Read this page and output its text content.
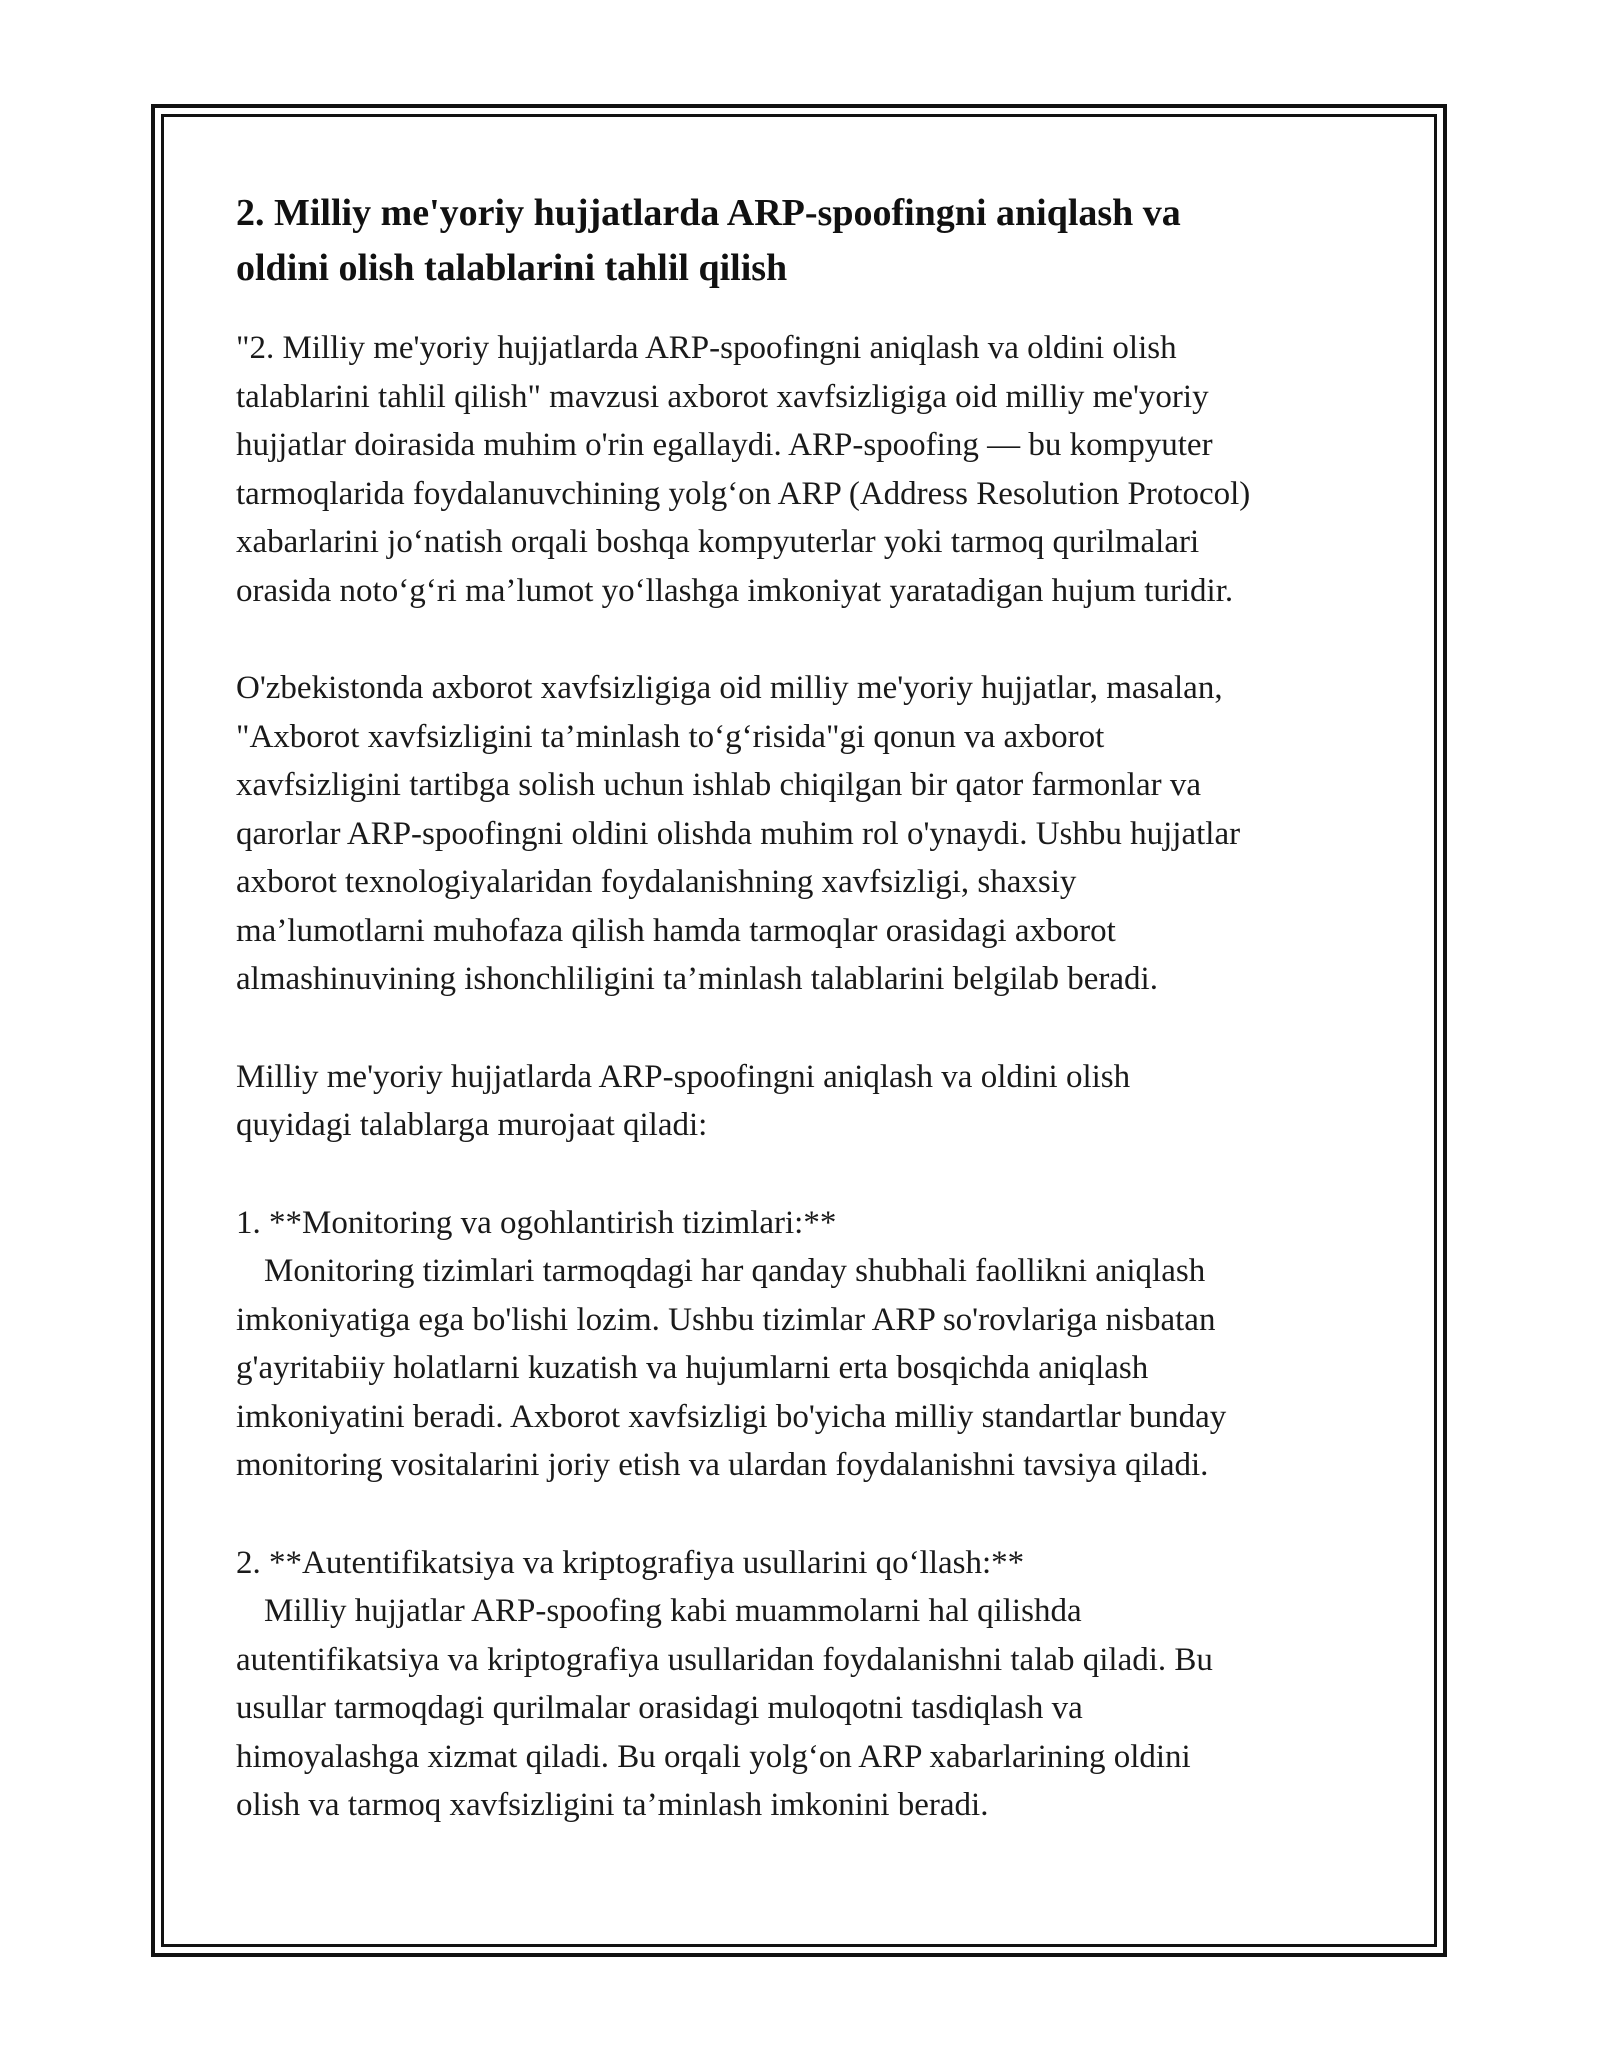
2. Milliy me'yoriy hujjatlarda ARP-spoofingni aniqlash va
oldini olish talablarini tahlil qilish

"2. Milliy me'yoriy hujjatlarda ARP-spoofingni aniqlash va oldini olish
talablarini tahlil qilish" mavzusi axborot xavfsizligiga oid milliy me'yoriy
hujjatlar doirasida muhim o'rin egallaydi. ARP-spoofing — bu kompyuter
tarmoqlarida foydalanuvchining yolg‘on ARP (Address Resolution Protocol)
xabarlarini jo‘natish orqali boshqa kompyuterlar yoki tarmoq qurilmalari
orasida noto‘g‘ri ma’lumot yo‘llashga imkoniyat yaratadigan hujum turidir.

O'zbekistonda axborot xavfsizligiga oid milliy me'yoriy hujjatlar, masalan,
"Axborot xavfsizligini ta’minlash to‘g‘risida"gi qonun va axborot
xavfsizligini tartibga solish uchun ishlab chiqilgan bir qator farmonlar va
qarorlar ARP-spoofingni oldini olishda muhim rol o'ynaydi. Ushbu hujjatlar
axborot texnologiyalaridan foydalanishning xavfsizligi, shaxsiy
ma’lumotlarni muhofaza qilish hamda tarmoqlar orasidagi axborot
almashinuvining ishonchliligini ta’minlash talablarini belgilab beradi.

Milliy me'yoriy hujjatlarda ARP-spoofingni aniqlash va oldini olish
quyidagi talablarga murojaat qiladi:

1. **Monitoring va ogohlantirish tizimlari:**
Monitoring tizimlari tarmoqdagi har qanday shubhali faollikni aniqlash
imkoniyatiga ega bo'lishi lozim. Ushbu tizimlar ARP so'rovlariga nisbatan
g'ayritabiiy holatlarni kuzatish va hujumlarni erta bosqichda aniqlash
imkoniyatini beradi. Axborot xavfsizligi bo'yicha milliy standartlar bunday
monitoring vositalarini joriy etish va ulardan foydalanishni tavsiya qiladi.
2. **Autentifikatsiya va kriptografiya usullarini qo‘llash:**
Milliy hujjatlar ARP-spoofing kabi muammolarni hal qilishda
autentifikatsiya va kriptografiya usullaridan foydalanishni talab qiladi. Bu
usullar tarmoqdagi qurilmalar orasidagi muloqotni tasdiqlash va
himoyalashga xizmat qiladi. Bu orqali yolg‘on ARP xabarlarining oldini
olish va tarmoq xavfsizligini ta’minlash imkonini beradi.
